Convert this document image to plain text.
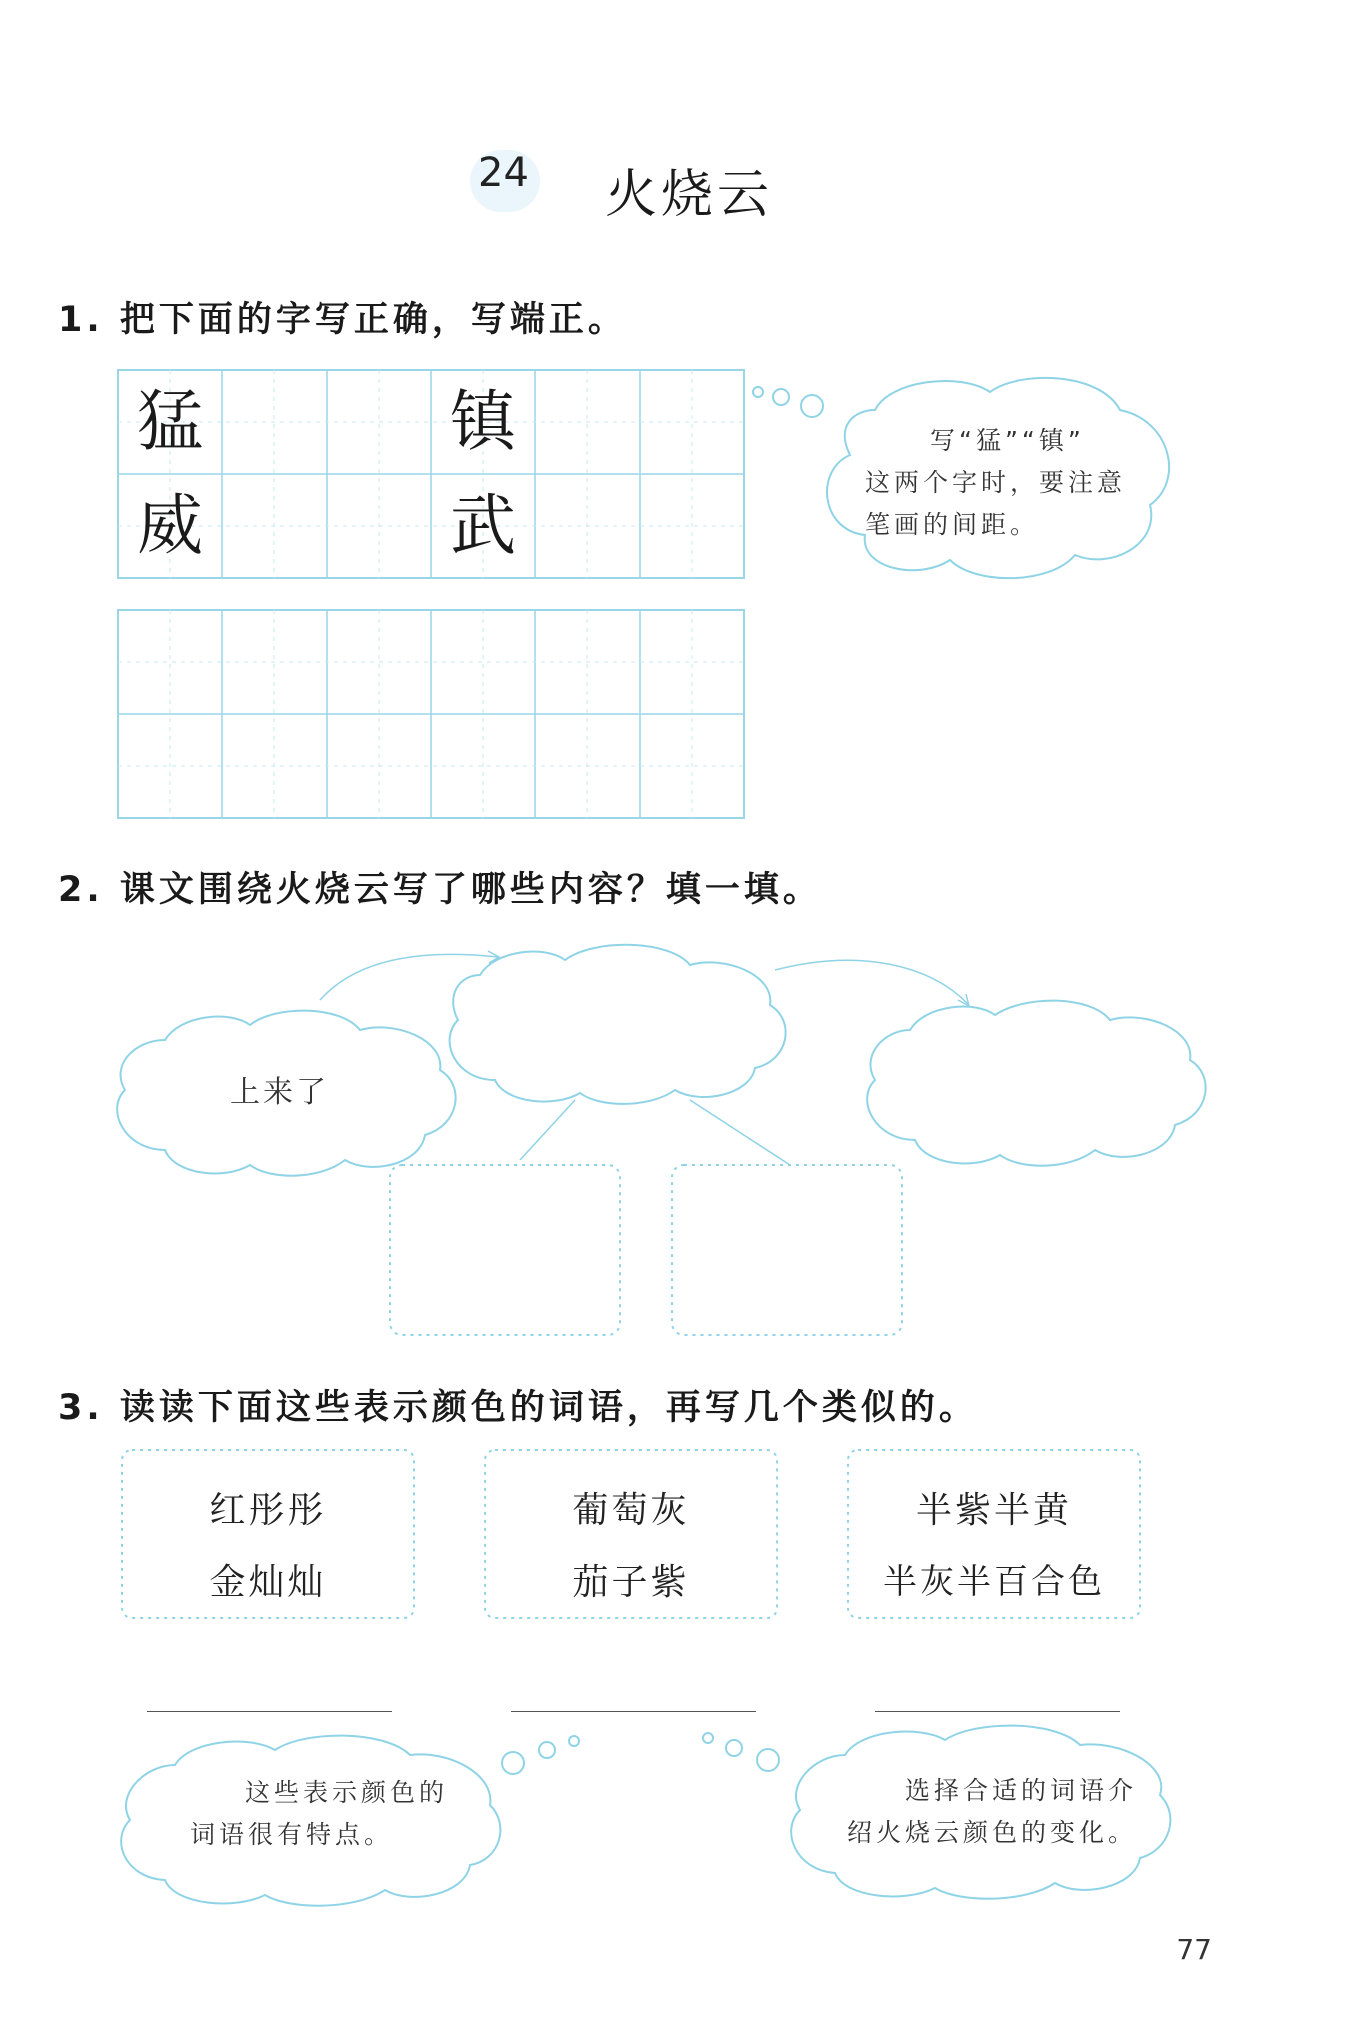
24 火烧云
1. 把下面的字写正确，写端正。
猛
威
镇
武
写“猛”“镇”
这两个字时，要注意
笔画的间距。
2. 课文围绕火烧云写了哪些内容？填一填。
上来了
3. 读读下面这些表示颜色的词语，再写几个类似的。
红彤彤
金灿灿
葡萄灰
茄子紫
半紫半黄
半灰半百合色
这些表示颜色的
词语很有特点。
选择合适的词语介
绍火烧云颜色的变化。
77
